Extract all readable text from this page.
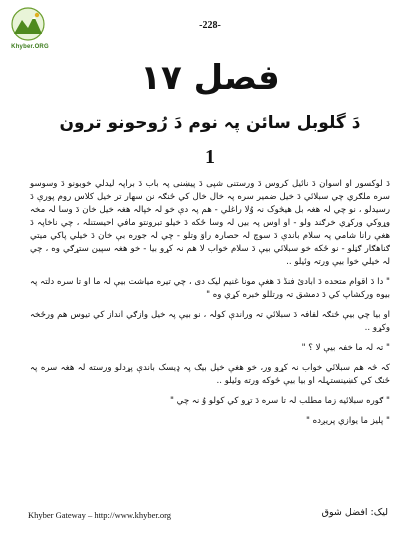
Khyber.ORG
-228-
فصل ۱۷
دَ گلوبل سائن پہ نوم دَ رُوحونو ترون
1

دَ لوکسور او اسوان دَ نائيل کروس دَ ورستنى شپى دَ پيښنى پہ باب دَ براپہ ليدلي خوبونو دَ وسوسو سره ملګري چي سبلائي دَ خيل ضمير سره پہ خال خال کي ځنګہ نن سهار تر خيل کلاس روم پورې دَ رسيدلو ، نو چي لہ هغہ بل هيڅوک نہ وُلا راغلي - هم پہ دې خو لہ خپالہ هغہ خيل خان دَ وسا لہ مخہ وړوکي ورکړي خرګند ولو - او اوس پہ بيں لہ وسا ځکه دَ خيلو تبرونتو مافي احيستنلہ ، چي ناخاپہ دَ هغې رانا شامي پہ سلام باندې دَ سوچ لہ حصارہ راوَ وتلو - چي لہ جوره بې خان دَ خيلي پاکي ميتي ګناهګار ګڼلو - نو ځکه خو سبلائي بيې دَ سلام خواب لا هم نہ کړو بيا - خو هغہ سپين ستړګي وه ، چي لہ خيلي خوا بيې ورتہ وئيلو ..

" دا دَ اقوام متحده دَ ابادئ فنڈ دَ هغې مونا غنيم ليک دى ، چي تيره مياشت بيې لہ ما او تا سره دلتہ پہ بيوه وركشاپ کي دَ دمشق تہ ورتللو خبره کړي وه "

او بيا چي بيې ځنګہ لفافہ دَ سبلائي تہ وراندې کولہ ، نو بيې پہ خيل وازګي انداز کي تيوس هم ورځخہ وکړو ..

" تہ لہ ما خفہ بيې لا ؟ "

کہ څہ هم سبلائي خواب نہ کړو ور، خو هغې خيل بيګ پہ ډيسک باندې پړدلو ورسته لہ هغہ سره پہ ځنګ کي کښينستہلہ او بيا بيې ځوکه ورته وئيلو ..

" ګوره سبلائيه زما مطلب لہ تا سره دَ تړو کي کولو وُ نہ چي "

" پليز ما يوازي پريږده "

Khyber Gateway – http://www.khyber.org	ليک: افضل شوق
